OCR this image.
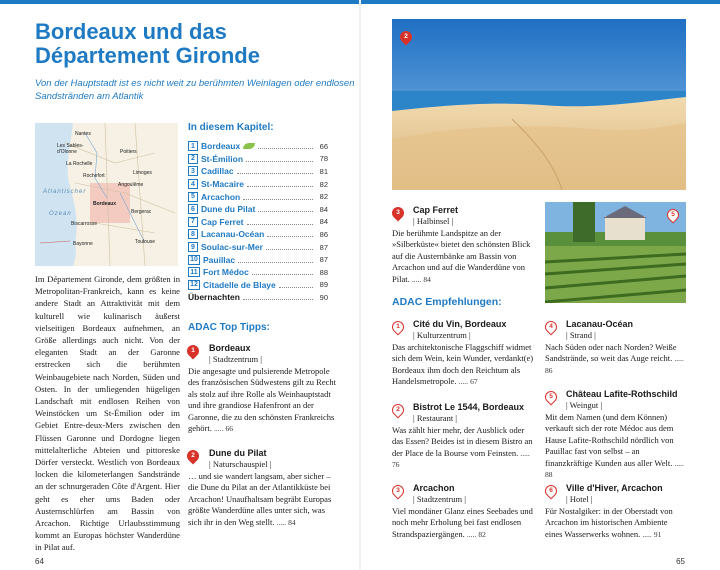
Bordeaux und das
Département Gironde
Von der Hauptstadt ist es nicht weit zu berühmten Weinlagen oder endlosen Sandstränden am Atlantik
Nantes
Les Sables-d'Olonne	Poitiers
La Rochelle
Rochefort	Limoges
Angoulême
Bordeaux
Bergerac
Biscarrosse
Bayonne	Toulouse
Atlantischer
Ozean
Im Département Gironde, dem größten in Metropolitan-Frankreich, kann es keine andere Stadt an Attraktivität mit dem kulturell wie kulinarisch äußerst vielseitigen Bordeaux aufnehmen, an Größe allerdings auch nicht. Von der eleganten Stadt an der Garonne erstrecken sich die berühmten Weinbaugebiete nach Norden, Süden und Osten. In der umliegenden hügeligen Landschaft mit endlosen Reihen von Weinstöcken um St-Émilion oder im Gebiet Entre-deux-Mers zwischen den Flüssen Garonne und Dordogne liegen mittelalterliche Abteien und pittoreske Dörfer versteckt. Westlich von Bordeaux locken die kilometerlangen Sandstrände an der schnurgeraden Côte d'Argent. Hier geht es eher ums Baden oder Austernschlürfen am Bassin von Arcachon. Richtige Urlaubsstimmung kommt an Europas höchster Wanderdüne in Pilat auf.
In diesem Kapitel:
1 Bordeaux	66
2 St-Émilion	78
3 Cadillac	81
4 St-Macaire	82
5 Arcachon	82
6 Dune du Pilat	84
7 Cap Ferret	84
8 Lacanau-Océan	86
9 Soulac-sur-Mer	87
10 Pauillac	87
11 Fort Médoc	88
12 Citadelle de Blaye	89
Übernachten	90
ADAC Top Tipps:
1	Bordeaux
| Stadtzentrum |
Die angesagte und pulsierende Metropole des französischen Südwestens gilt zu Recht als stolz auf ihre Rolle als Weinhauptstadt und ihre grandiose Hafenfront an der Garonne, die zu den schönsten Frankreichs gehört. ..... 66
2	Dune du Pilat
| Naturschauspiel |
… und sie wandert langsam, aber sicher – die Dune du Pilat an der Atlantikküste bei Arcachon! Unaufhaltsam begräbt Europas größte Wanderdüne alles unter sich, was sich ihr in den Weg stellt. ..... 84
64
2
3	Cap Ferret
| Halbinsel |
Die berühmte Landspitze an der »Silberküste« bietet den schönsten Blick auf die Austernbänke am Bassin von Arcachon und auf die Wanderdüne von Pilat. ..... 84
5
ADAC Empfehlungen:
1	Cité du Vin, Bordeaux
| Kulturzentrum |
Das architektonische Flaggschiff widmet sich dem Wein, kein Wunder, verdankt(e) Bordeaux ihm doch den Reichtum als Handelsmetropole. ..... 67
2	Bistrot Le 1544, Bordeaux
| Restaurant |
Was zählt hier mehr, der Ausblick oder das Essen? Beides ist in diesem Bistro an der Place de la Bourse vom Feinsten. ..... 76
3	Arcachon
| Stadtzentrum |
Viel mondäner Glanz eines Seebades und noch mehr Erholung bei fast endlosen Strandspaziergängen. ..... 82
4	Lacanau-Océan
| Strand |
Nach Süden oder nach Norden? Weiße Sandstrände, so weit das Auge reicht. ..... 86
5	Château Lafite-Rothschild
| Weingut |
Mit dem Namen (und dem Können) verkauft sich der rote Médoc aus dem Hause Lafite-Rothschild nördlich von Pauillac fast von selbst – an finanzkräftige Kunden aus aller Welt. ..... 88
6	Ville d'Hiver, Arcachon
| Hotel |
Für Nostalgiker: in der Oberstadt von Arcachon im historischen Ambiente eines Wasserwerks wohnen. ..... 91
65
